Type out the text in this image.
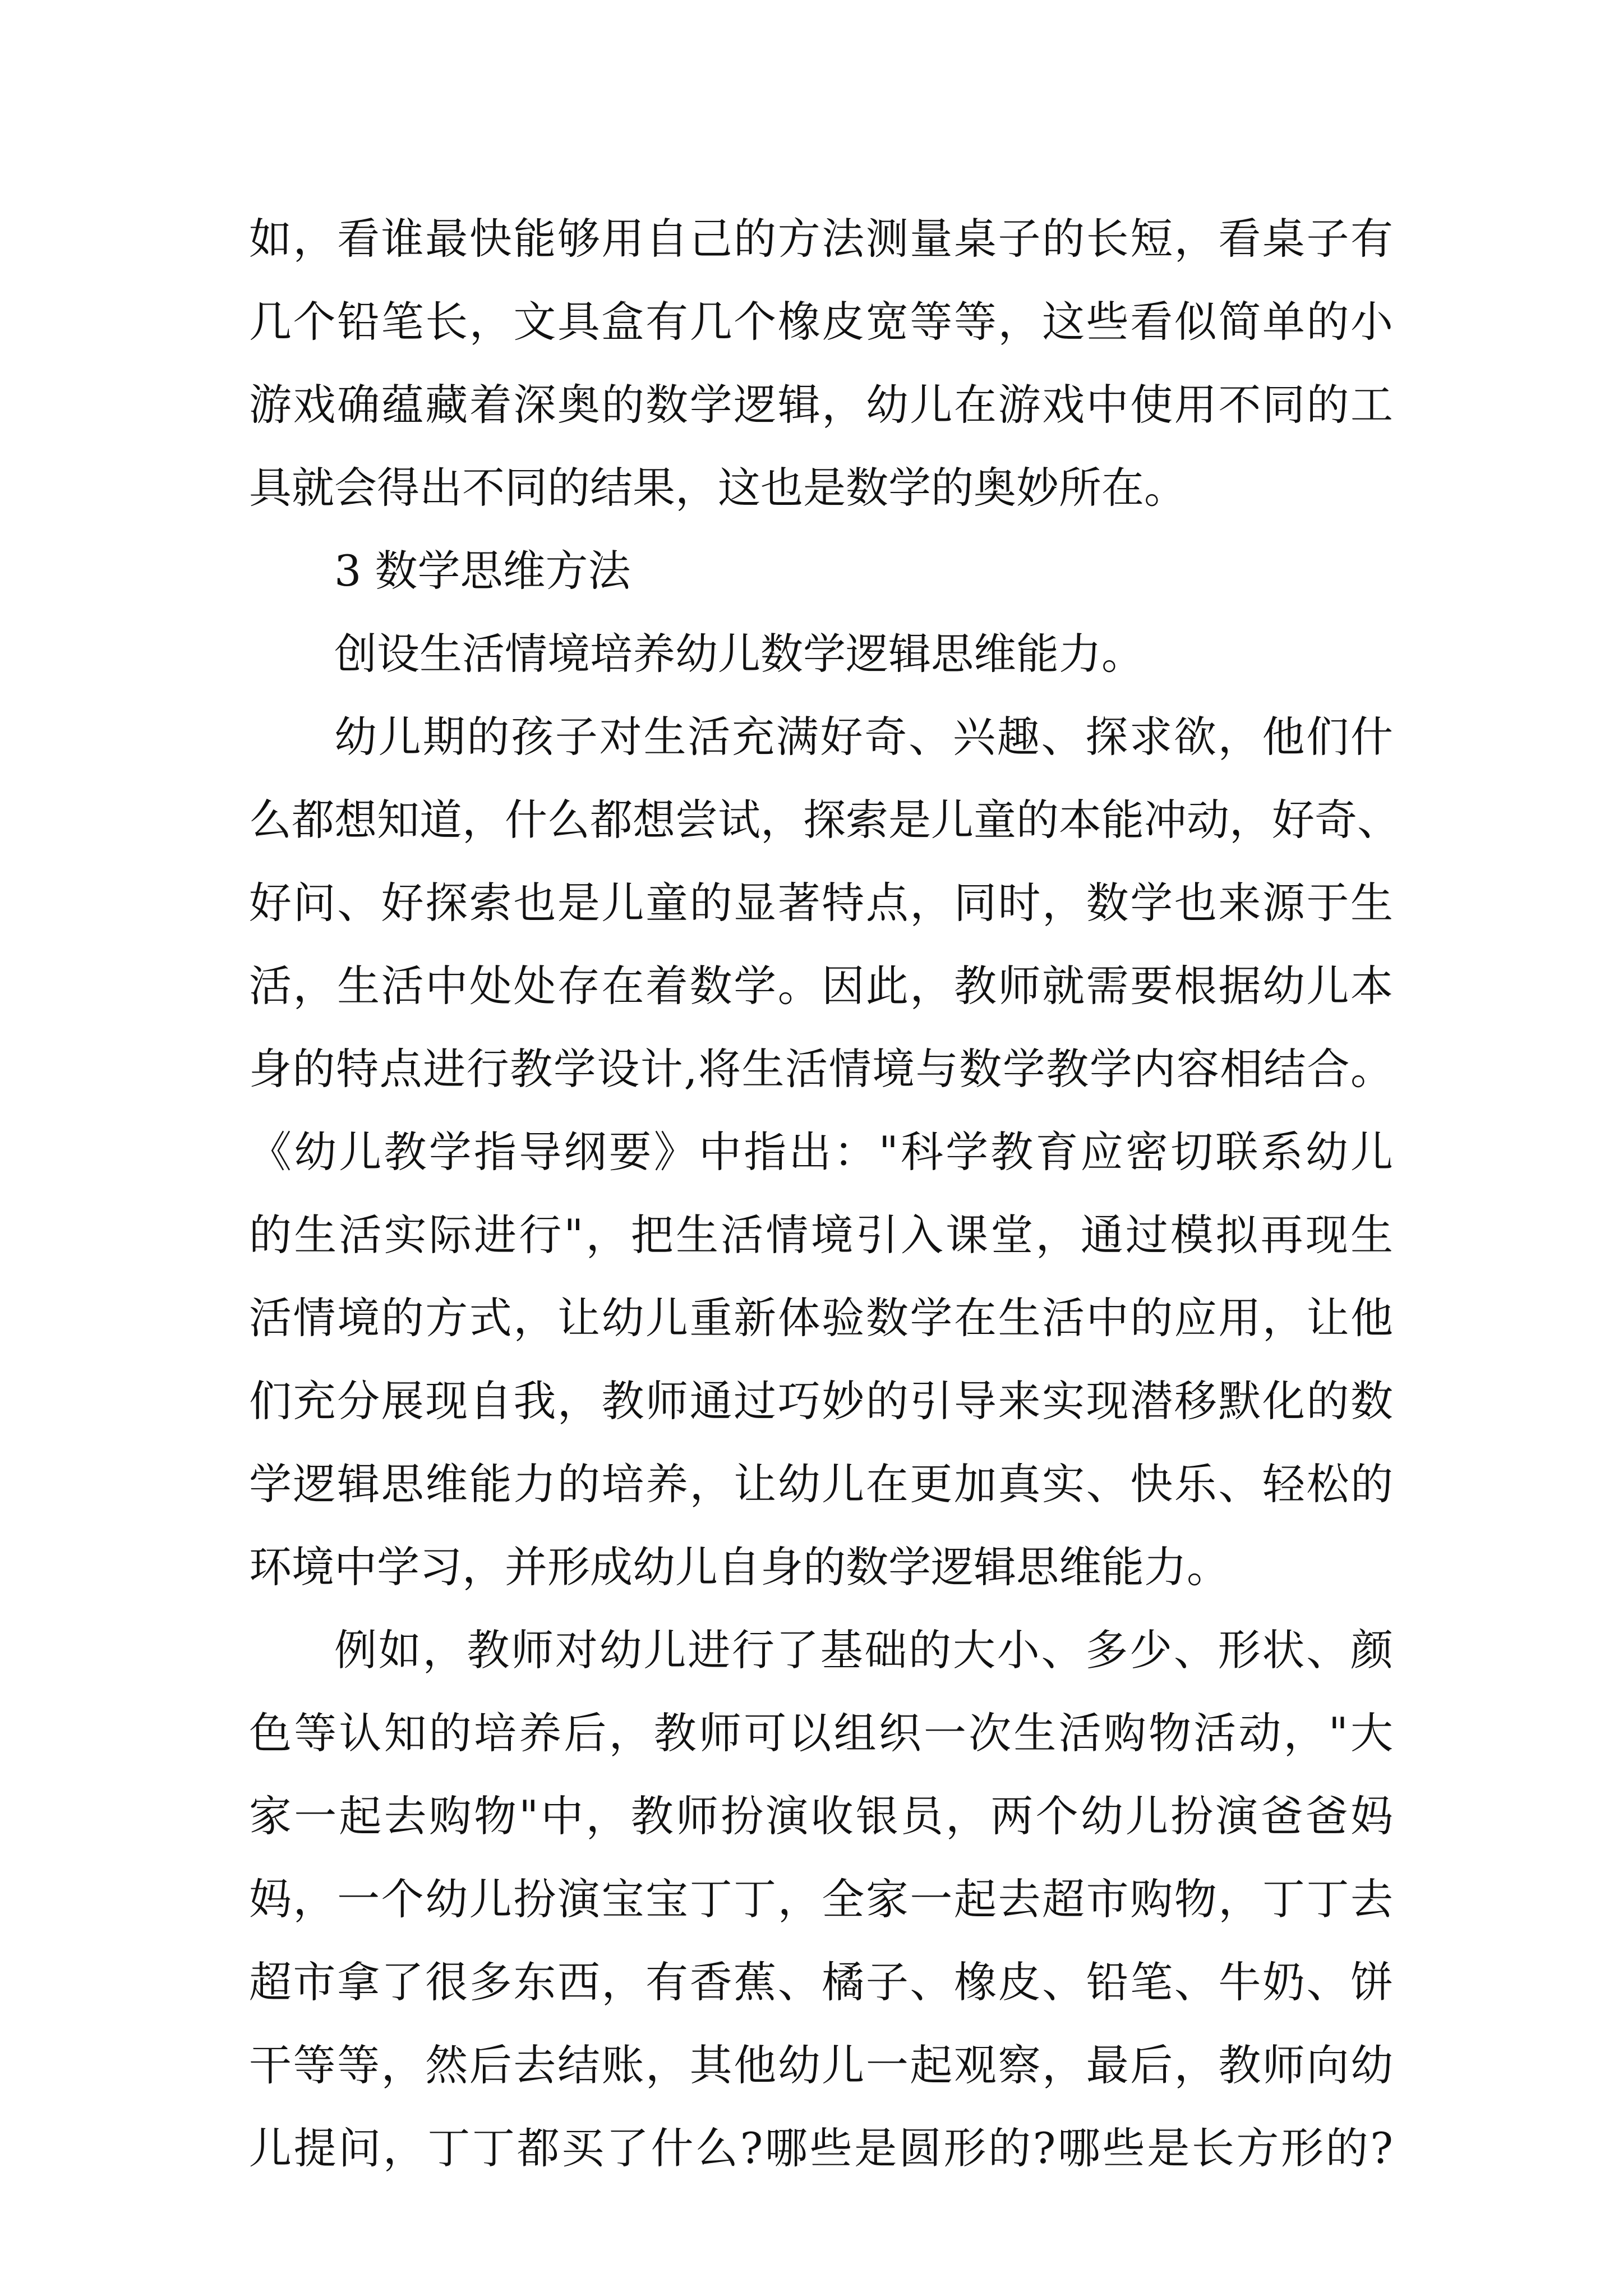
如，看谁最快能够用自己的方法测量桌子的长短，看桌子有
几个铅笔长，文具盒有几个橡皮宽等等，这些看似简单的小
游戏确蕴藏着深奥的数学逻辑，幼儿在游戏中使用不同的工
具就会得出不同的结果，这也是数学的奥妙所在。
3 数学思维方法
创设生活情境培养幼儿数学逻辑思维能力。
幼儿期的孩子对生活充满好奇、兴趣、探求欲，他们什
么都想知道，什么都想尝试，探索是儿童的本能冲动，好奇、
好问、好探索也是儿童的显著特点，同时，数学也来源于生
活，生活中处处存在着数学。因此，教师就需要根据幼儿本
身的特点进行教学设计,将生活情境与数学教学内容相结合。
《幼儿教学指导纲要》中指出："科学教育应密切联系幼儿
的生活实际进行"，把生活情境引入课堂，通过模拟再现生
活情境的方式，让幼儿重新体验数学在生活中的应用，让他
们充分展现自我，教师通过巧妙的引导来实现潜移默化的数
学逻辑思维能力的培养，让幼儿在更加真实、快乐、轻松的
环境中学习，并形成幼儿自身的数学逻辑思维能力。
例如，教师对幼儿进行了基础的大小、多少、形状、颜
色等认知的培养后，教师可以组织一次生活购物活动，"大
家一起去购物"中，教师扮演收银员，两个幼儿扮演爸爸妈
妈，一个幼儿扮演宝宝丁丁，全家一起去超市购物，丁丁去
超市拿了很多东西，有香蕉、橘子、橡皮、铅笔、牛奶、饼
干等等，然后去结账，其他幼儿一起观察，最后，教师向幼
儿提问，丁丁都买了什么?哪些是圆形的?哪些是长方形的?
